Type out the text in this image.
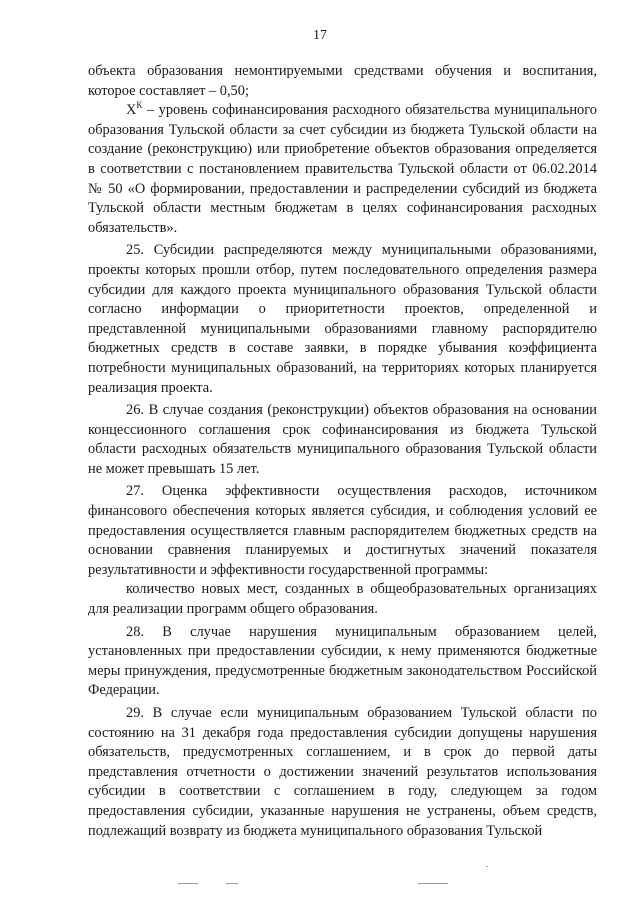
17

объекта образования немонтируемыми средствами обучения и воспитания, которое составляет – 0,50;

$Х^К$ – уровень софинансирования расходного обязательства муниципального образования Тульской области за счет субсидии из бюджета Тульской области на создание (реконструкцию) или приобретение объектов образования определяется в соответствии с постановлением правительства Тульской области от 06.02.2014 № 50 «О формировании, предоставлении и распределении субсидий из бюджета Тульской области местным бюджетам в целях софинансирования расходных обязательств».

25. Субсидии распределяются между муниципальными образованиями, проекты которых прошли отбор, путем последовательного определения размера субсидии для каждого проекта муниципального образования Тульской области согласно информации о приоритетности проектов, определенной и представленной муниципальными образованиями главному распорядителю бюджетных средств в составе заявки, в порядке убывания коэффициента потребности муниципальных образований, на территориях которых планируется реализация проекта.

26. В случае создания (реконструкции) объектов образования на основании концессионного соглашения срок софинансирования из бюджета Тульской области расходных обязательств муниципального образования Тульской области не может превышать 15 лет.

27. Оценка эффективности осуществления расходов, источником финансового обеспечения которых является субсидия, и соблюдения условий ее предоставления осуществляется главным распорядителем бюджетных средств на основании сравнения планируемых и достигнутых значений показателя результативности и эффективности государственной программы:

количество новых мест, созданных в общеобразовательных организациях для реализации программ общего образования.

28. В случае нарушения муниципальным образованием целей, установленных при предоставлении субсидии, к нему применяются бюджетные меры принуждения, предусмотренные бюджетным законодательством Российской Федерации.

29. В случае если муниципальным образованием Тульской области по состоянию на 31 декабря года предоставления субсидии допущены нарушения обязательств, предусмотренных соглашением, и в срок до первой даты представления отчетности о достижении значений результатов использования субсидии в соответствии с соглашением в году, следующем за годом предоставления субсидии, указанные нарушения не устранены, объем средств, подлежащий возврату из бюджета муниципального образования Тульской
